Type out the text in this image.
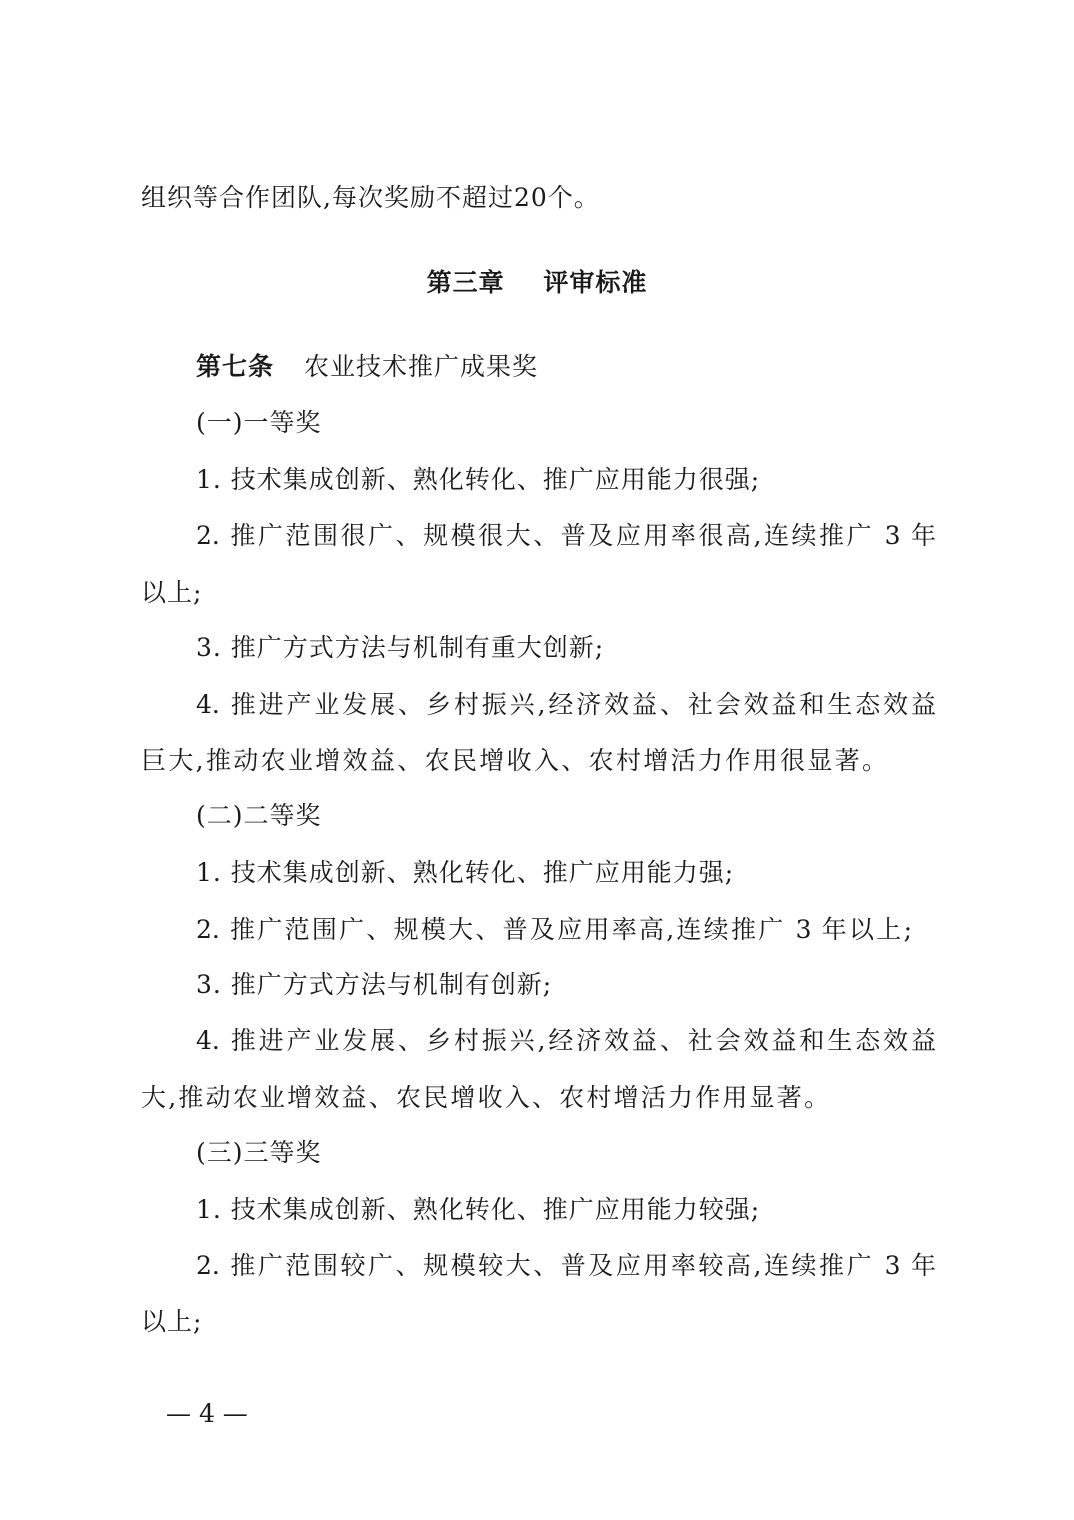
组织等合作团队,每次奖励不超过20个。
第三章    评审标准
第七条 农业技术推广成果奖
(一)一等奖
1. 技术集成创新、熟化转化、推广应用能力很强;
2. 推广范围很广、规模很大、普及应用率很高,连续推广 3 年
以上;
3. 推广方式方法与机制有重大创新;
4. 推进产业发展、乡村振兴,经济效益、社会效益和生态效益
巨大,推动农业增效益、农民增收入、农村增活力作用很显著。
(二)二等奖
1. 技术集成创新、熟化转化、推广应用能力强;
2. 推广范围广、规模大、普及应用率高,连续推广 3 年以上;
3. 推广方式方法与机制有创新;
4. 推进产业发展、乡村振兴,经济效益、社会效益和生态效益
大,推动农业增效益、农民增收入、农村增活力作用显著。
(三)三等奖
1. 技术集成创新、熟化转化、推广应用能力较强;
2. 推广范围较广、规模较大、普及应用率较高,连续推广 3 年
以上;
— 4 —
